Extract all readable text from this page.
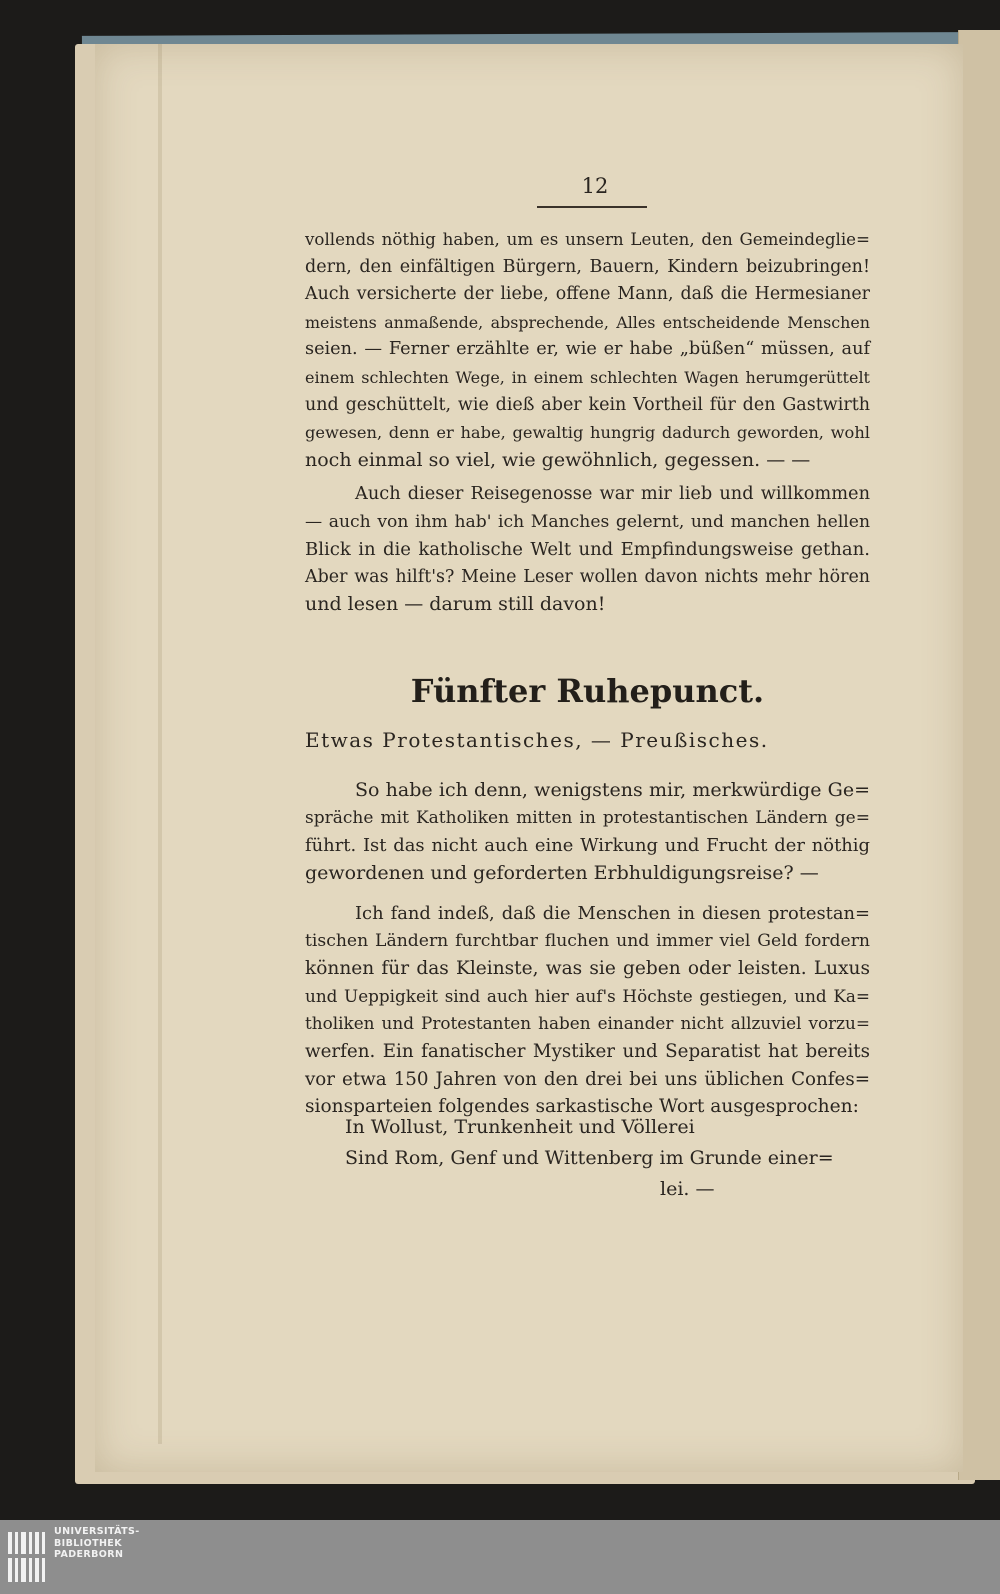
12
vollends nöthig haben, um es unsern Leuten, den Gemeindeglie=
dern, den einfältigen Bürgern, Bauern, Kindern beizubringen!
Auch versicherte der liebe, offene Mann, daß die Hermesianer
meistens anmaßende, absprechende, Alles entscheidende Menschen
seien. — Ferner erzählte er, wie er habe „büßen“ müssen, auf
einem schlechten Wege, in einem schlechten Wagen herumgerüttelt
und geschüttelt, wie dieß aber kein Vortheil für den Gastwirth
gewesen, denn er habe, gewaltig hungrig dadurch geworden, wohl
noch einmal so viel, wie gewöhnlich, gegessen. — —
Auch dieser Reisegenosse war mir lieb und willkommen
— auch von ihm hab' ich Manches gelernt, und manchen hellen
Blick in die katholische Welt und Empfindungsweise gethan.
Aber was hilft's? Meine Leser wollen davon nichts mehr hören
und lesen — darum still davon!
Fünfter Ruhepunct.
Etwas Protestantisches, — Preußisches.
So habe ich denn, wenigstens mir, merkwürdige Ge=
spräche mit Katholiken mitten in protestantischen Ländern ge=
führt. Ist das nicht auch eine Wirkung und Frucht der nöthig
gewordenen und geforderten Erbhuldigungsreise? —
Ich fand indeß, daß die Menschen in diesen protestan=
tischen Ländern furchtbar fluchen und immer viel Geld fordern
können für das Kleinste, was sie geben oder leisten. Luxus
und Ueppigkeit sind auch hier auf's Höchste gestiegen, und Ka=
tholiken und Protestanten haben einander nicht allzuviel vorzu=
werfen. Ein fanatischer Mystiker und Separatist hat bereits
vor etwa 150 Jahren von den drei bei uns üblichen Confes=
sionsparteien folgendes sarkastische Wort ausgesprochen:
In Wollust, Trunkenheit und Völlerei
Sind Rom, Genf und Wittenberg im Grunde einer=
lei. —
UNIVERSITÄTS-
BIBLIOTHEK
PADERBORN
